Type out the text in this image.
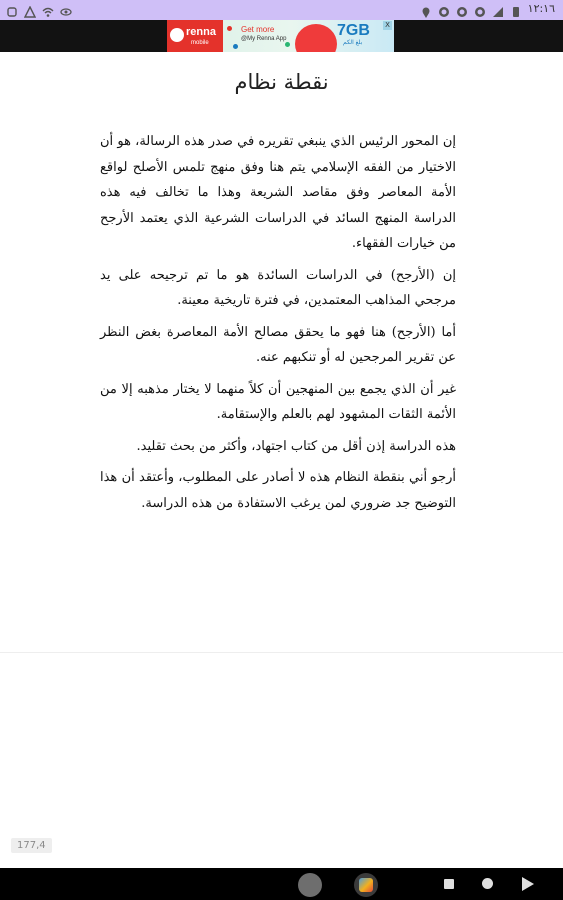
١٢:١٦
renna
mobile
Get more
@My Renna App	7GB
بلغ الكم
X
نقطة نظام

إن المحور الرئيس الذي ينبغي تقريره في صدر هذه الرسالة، هو أن الاختيار من الفقه الإسلامي يتم هنا وفق منهج تلمس الأصلح لواقع الأمة المعاصر وفق مقاصد الشريعة وهذا ما تخالف فيه هذه الدراسة المنهج السائد في الدراسات الشرعية الذي يعتمد الأرجح من خيارات الفقهاء.

إن (الأرجح) في الدراسات السائدة هو ما تم ترجيحه على يد مرجحي المذاهب المعتمدين، في فترة تاريخية معينة.

أما (الأرجح) هنا فهو ما يحقق مصالح الأمة المعاصرة بغض النظر عن تقرير المرجحين له أو تنكبهم عنه.

غير أن الذي يجمع بين المنهجين أن كلاً منهما لا يختار مذهبه إلا من الأئمة الثقات المشهود لهم بالعلم والإستقامة.

هذه الدراسة إذن أقل من كتاب اجتهاد، وأكثر من بحث تقليد.

أرجو أني بنقطة النظام هذه لا أصادر على المطلوب، وأعتقد أن هذا التوضيح جد ضروري لمن يرغب الاستفادة من هذه الدراسة.

177,4
